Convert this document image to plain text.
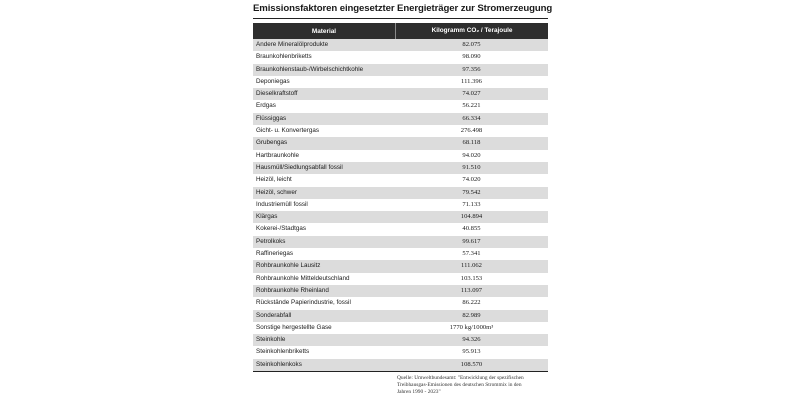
Emissionsfaktoren eingesetzter Energieträger zur Stromerzeugung
Material	Kilogramm CO₂ / Terajoule
Andere Mineralölprodukte	82.075
Braunkohlenbriketts	98.090
Braunkohlenstaub-/Wirbelschichtkohle	97.356
Deponiegas	111.396
Dieselkraftstoff	74.027
Erdgas	56.221
Flüssiggas	66.334
Gicht- u. Konvertergas	276.498
Grubengas	68.118
Hartbraunkohle	94.020
Hausmüll/Siedlungsabfall fossil	91.510
Heizöl, leicht	74.020
Heizöl, schwer	79.542
Industriemüll fossil	71.133
Klärgas	104.894
Kokerei-/Stadtgas	40.855
Petrolkoks	99.617
Raffineriegas	57.341
Rohbraunkohle Lausitz	111.062
Rohbraunkohle Mitteldeutschland	103.153
Rohbraunkohle Rheinland	113.097
Rückstände Papierindustrie, fossil	86.222
Sonderabfall	82.989
Sonstige hergestellte Gase	1770 kg/1000m³
Steinkohle	94.326
Steinkohlenbriketts	95.913
Steinkohlenkoks	108.570
Quelle: Umweltbundesamt: "Entwicklung der spezifischen
Treibhausgas-Emissionen des deutschen Strommix in den
Jahren 1990 - 2023"
